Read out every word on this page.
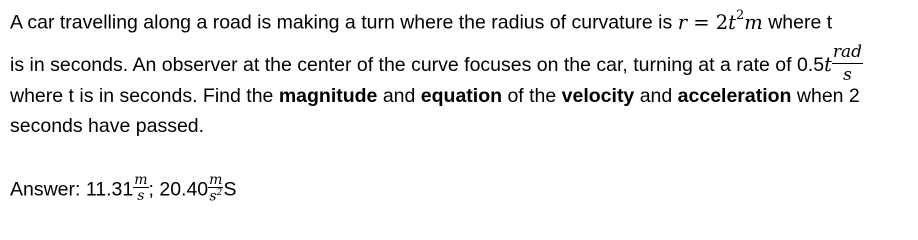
A car travelling along a road is making a turn where the radius of curvature is $r = 2t^2m$ where t
is in seconds. An observer at the center of the curve focuses on the car, turning at a rate of $0.5t \frac{\text{rad}}{s}$
where t is in seconds. Find the magnitude and equation of the velocity and acceleration when 2
seconds have passed.
Answer: $11.31 \frac{m}{s}$ ; $20.40 \frac{m}{s^2}$ S
